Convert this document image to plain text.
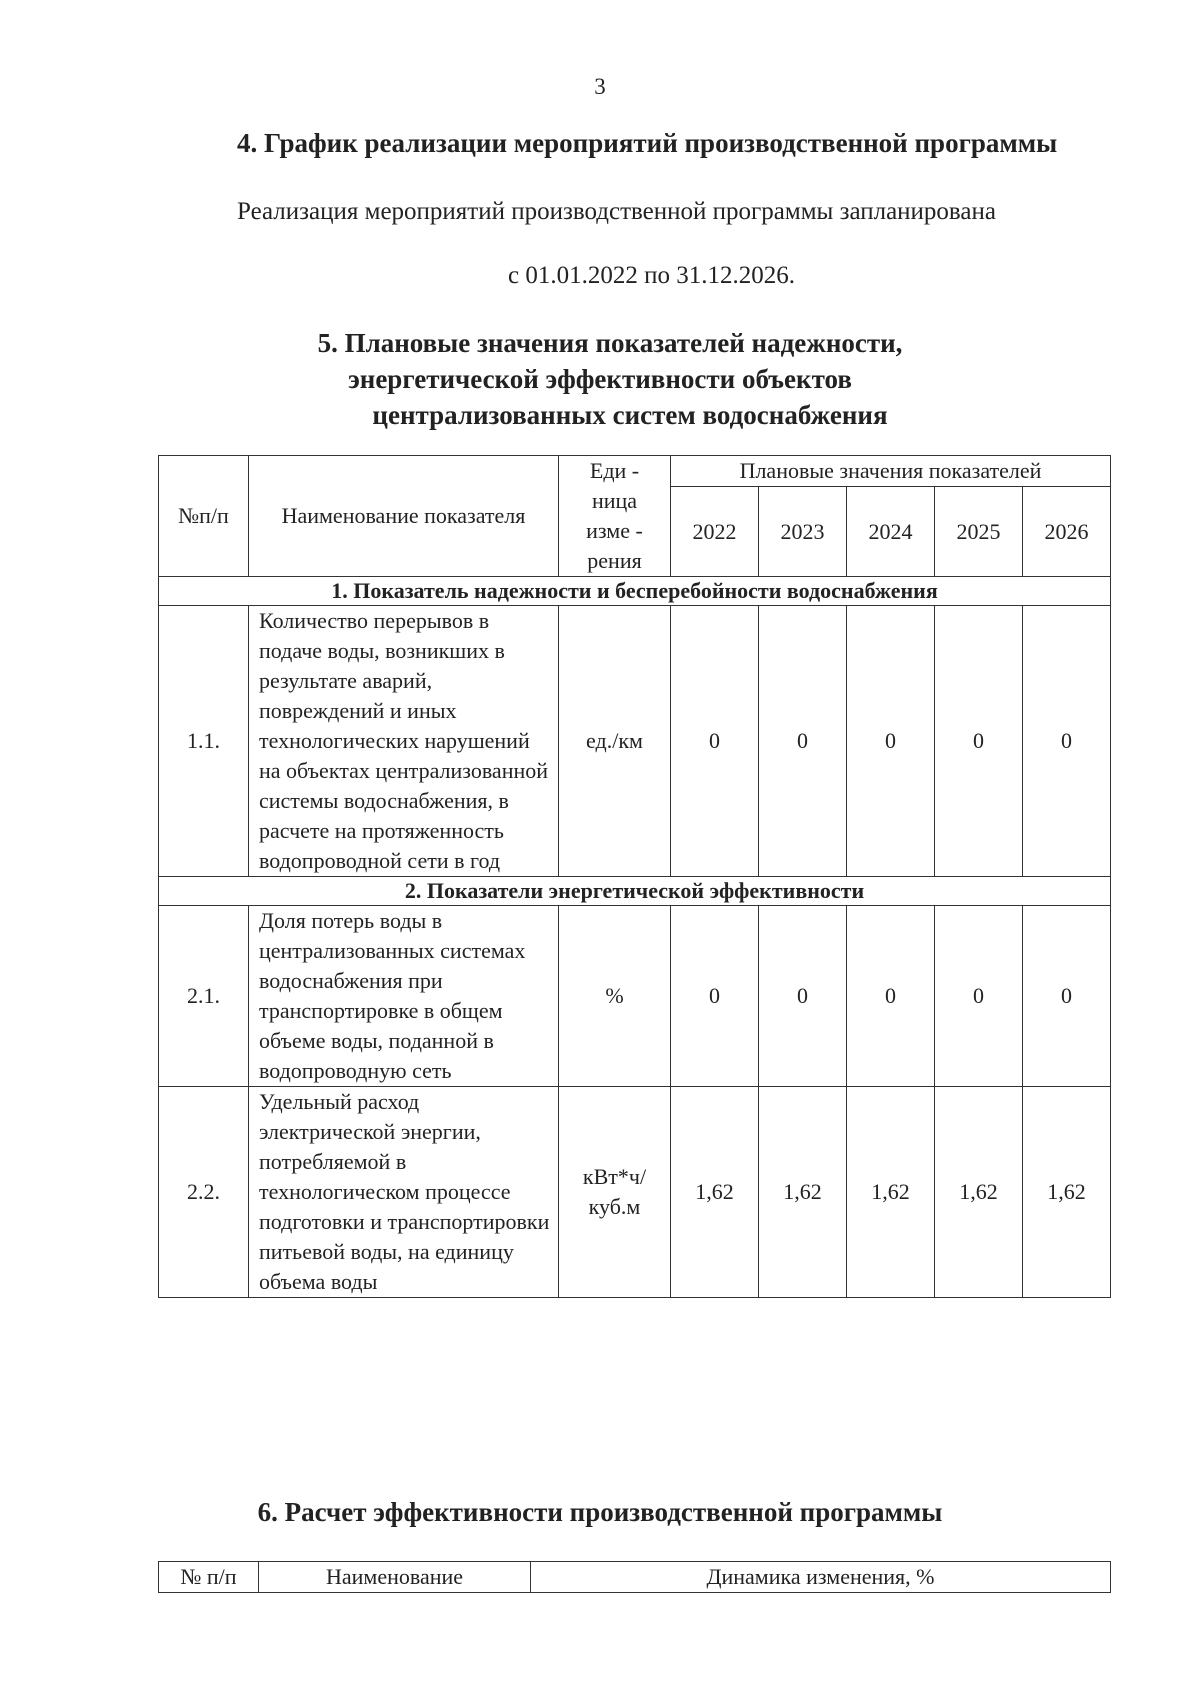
3
4. График реализации мероприятий производственной программы
Реализация мероприятий производственной программы запланирована
с 01.01.2022 по 31.12.2026.
5. Плановые значения показателей надежности,
энергетической эффективности объектов
централизованных систем водоснабжения
№п/п	Наименование показателя	Еди - ница изме - рения	Плановые значения показателей				
			2022	2023	2024	2025	2026
1. Показатель надежности и бесперебойности водоснабжения							
1.1.	Количество перерывов в подаче воды, возникших в результате аварий, повреждений и иных технологических нарушений на объектах централизованной системы водоснабжения, в расчете на протяженность водопроводной сети в год	ед./км	0	0	0	0	0
2. Показатели энергетической эффективности							
2.1.	Доля потерь воды в централизованных системах водоснабжения при транспортировке в общем объеме воды, поданной в водопроводную сеть	%	0	0	0	0	0
2.2.	Удельный расход электрической энергии, потребляемой в технологическом процессе подготовки и транспортировки питьевой воды, на единицу объема воды	кВт*ч/ куб.м	1,62	1,62	1,62	1,62	1,62
6. Расчет эффективности производственной программы
№ п/п	Наименование	Динамика изменения, %
